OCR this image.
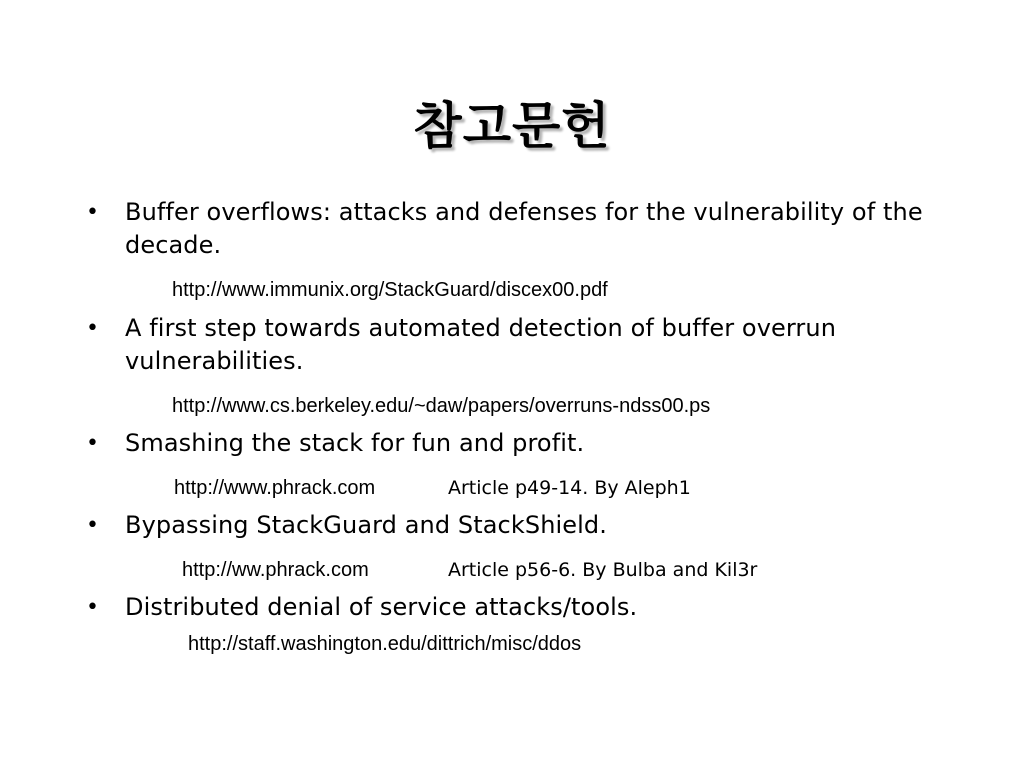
참고문헌
• Buffer overflows: attacks and defenses for the vulnerability of the decade.
http://www.immunix.org/StackGuard/discex00.pdf
• A first step towards automated detection of buffer overrun vulnerabilities.
http://www.cs.berkeley.edu/~daw/papers/overruns-ndss00.ps
• Smashing the stack for fun and profit.
http://www.phrack.com	Article p49-14. By Aleph1
• Bypassing StackGuard and StackShield.
http://ww.phrack.com	Article p56-6. By Bulba and Kil3r
• Distributed denial of service attacks/tools.
http://staff.washington.edu/dittrich/misc/ddos
